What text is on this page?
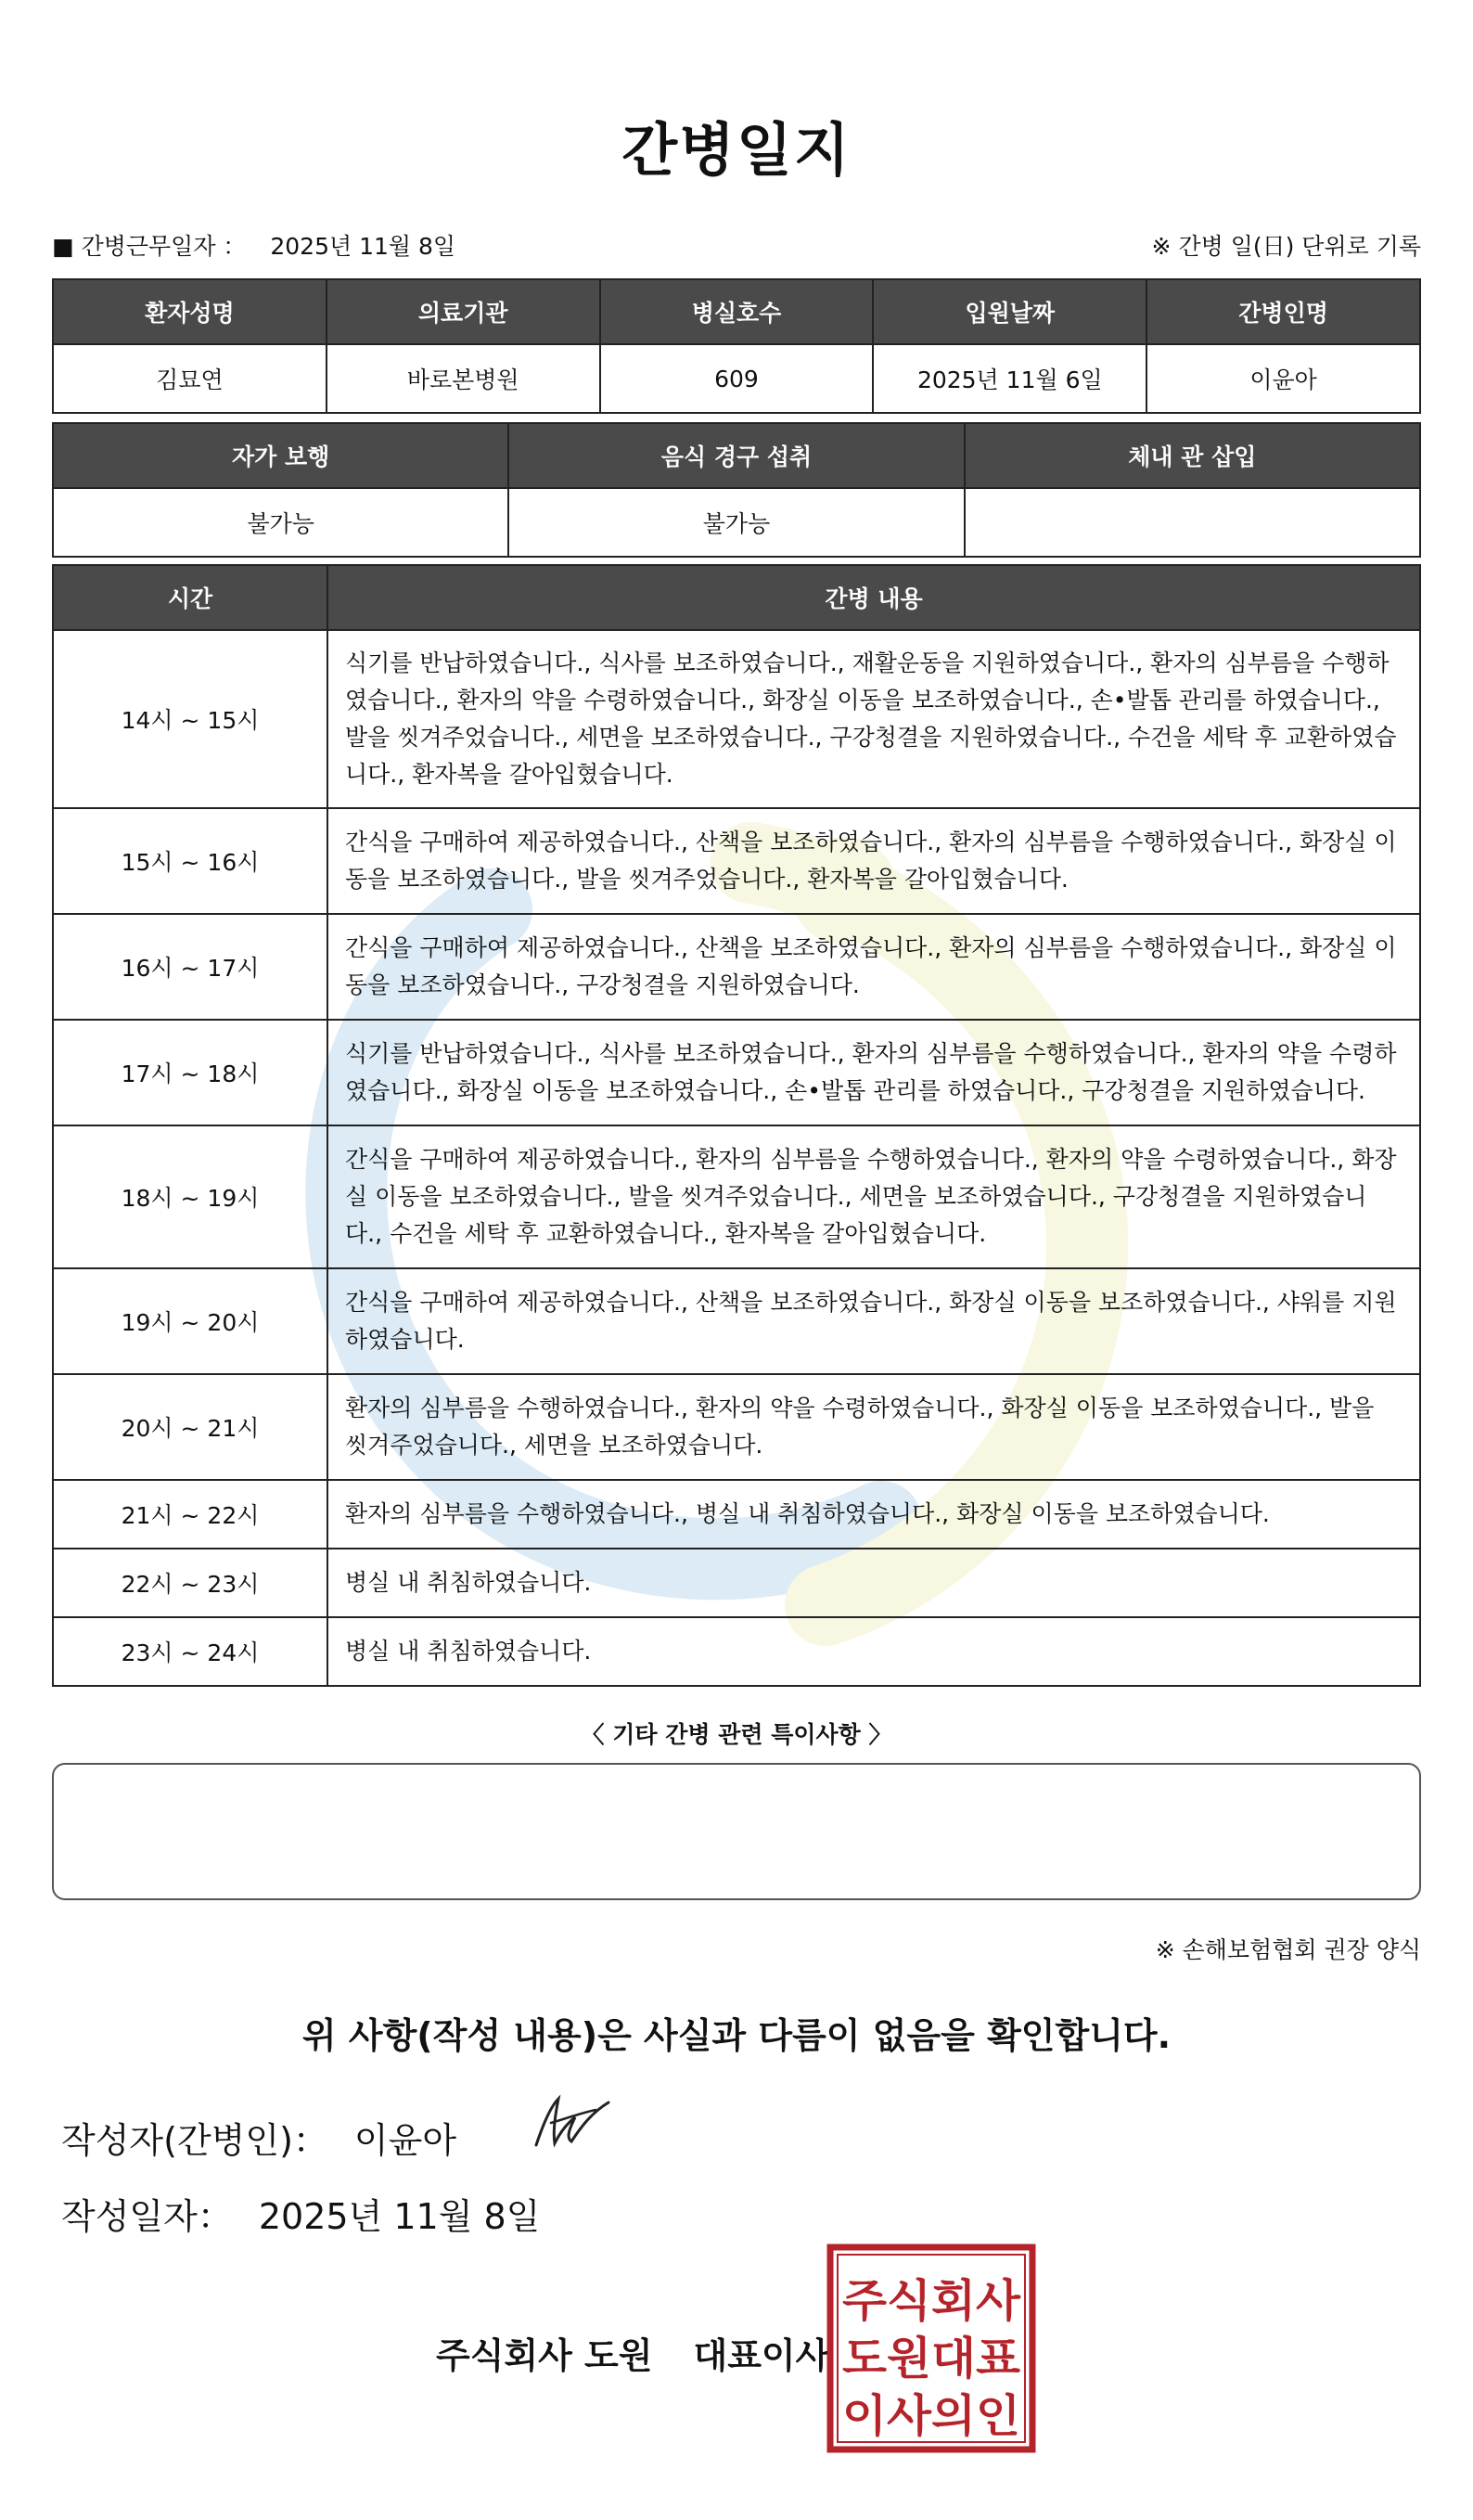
간병일지
■ 간병근무일자 ： 2025년 11월 8일	※ 간병 일(日) 단위로 기록
환자성명	의료기관	병실호수	입원날짜	간병인명
김묘연	바로본병원	609	2025년 11월 6일	이윤아
자가 보행	음식 경구 섭취	체내 관 삽입
불가능	불가능	
시간	간병 내용
14시 ~ 15시	식기를 반납하였습니다., 식사를 보조하였습니다., 재활운동을 지원하였습니다., 환자의 심부름을 수행하였습니다., 환자의 약을 수령하였습니다., 화장실 이동을 보조하였습니다., 손•발톱 관리를 하였습니다., 발을 씻겨주었습니다., 세면을 보조하였습니다., 구강청결을 지원하였습니다., 수건을 세탁 후 교환하였습니다., 환자복을 갈아입혔습니다.
15시 ~ 16시	간식을 구매하여 제공하였습니다., 산책을 보조하였습니다., 환자의 심부름을 수행하였습니다., 화장실 이동을 보조하였습니다., 발을 씻겨주었습니다., 환자복을 갈아입혔습니다.
16시 ~ 17시	간식을 구매하여 제공하였습니다., 산책을 보조하였습니다., 환자의 심부름을 수행하였습니다., 화장실 이동을 보조하였습니다., 구강청결을 지원하였습니다.
17시 ~ 18시	식기를 반납하였습니다., 식사를 보조하였습니다., 환자의 심부름을 수행하였습니다., 환자의 약을 수령하였습니다., 화장실 이동을 보조하였습니다., 손•발톱 관리를 하였습니다., 구강청결을 지원하였습니다.
18시 ~ 19시	간식을 구매하여 제공하였습니다., 환자의 심부름을 수행하였습니다., 환자의 약을 수령하였습니다., 화장실 이동을 보조하였습니다., 발을 씻겨주었습니다., 세면을 보조하였습니다., 구강청결을 지원하였습니다., 수건을 세탁 후 교환하였습니다., 환자복을 갈아입혔습니다.
19시 ~ 20시	간식을 구매하여 제공하였습니다., 산책을 보조하였습니다., 화장실 이동을 보조하였습니다., 샤워를 지원하였습니다.
20시 ~ 21시	환자의 심부름을 수행하였습니다., 환자의 약을 수령하였습니다., 화장실 이동을 보조하였습니다., 발을 씻겨주었습니다., 세면을 보조하였습니다.
21시 ~ 22시	환자의 심부름을 수행하였습니다., 병실 내 취침하였습니다., 화장실 이동을 보조하였습니다.
22시 ~ 23시	병실 내 취침하였습니다.
23시 ~ 24시	병실 내 취침하였습니다.
〈 기타 간병 관련 특이사항 〉
※ 손해보험협회 권장 양식
위 사항(작성 내용)은 사실과 다름이 없음을 확인합니다.
작성자(간병인)： 이윤아
작성일자： 2025년 11월 8일
주식회사 도원 대표이사
주식회사
도원대표
이사의인
